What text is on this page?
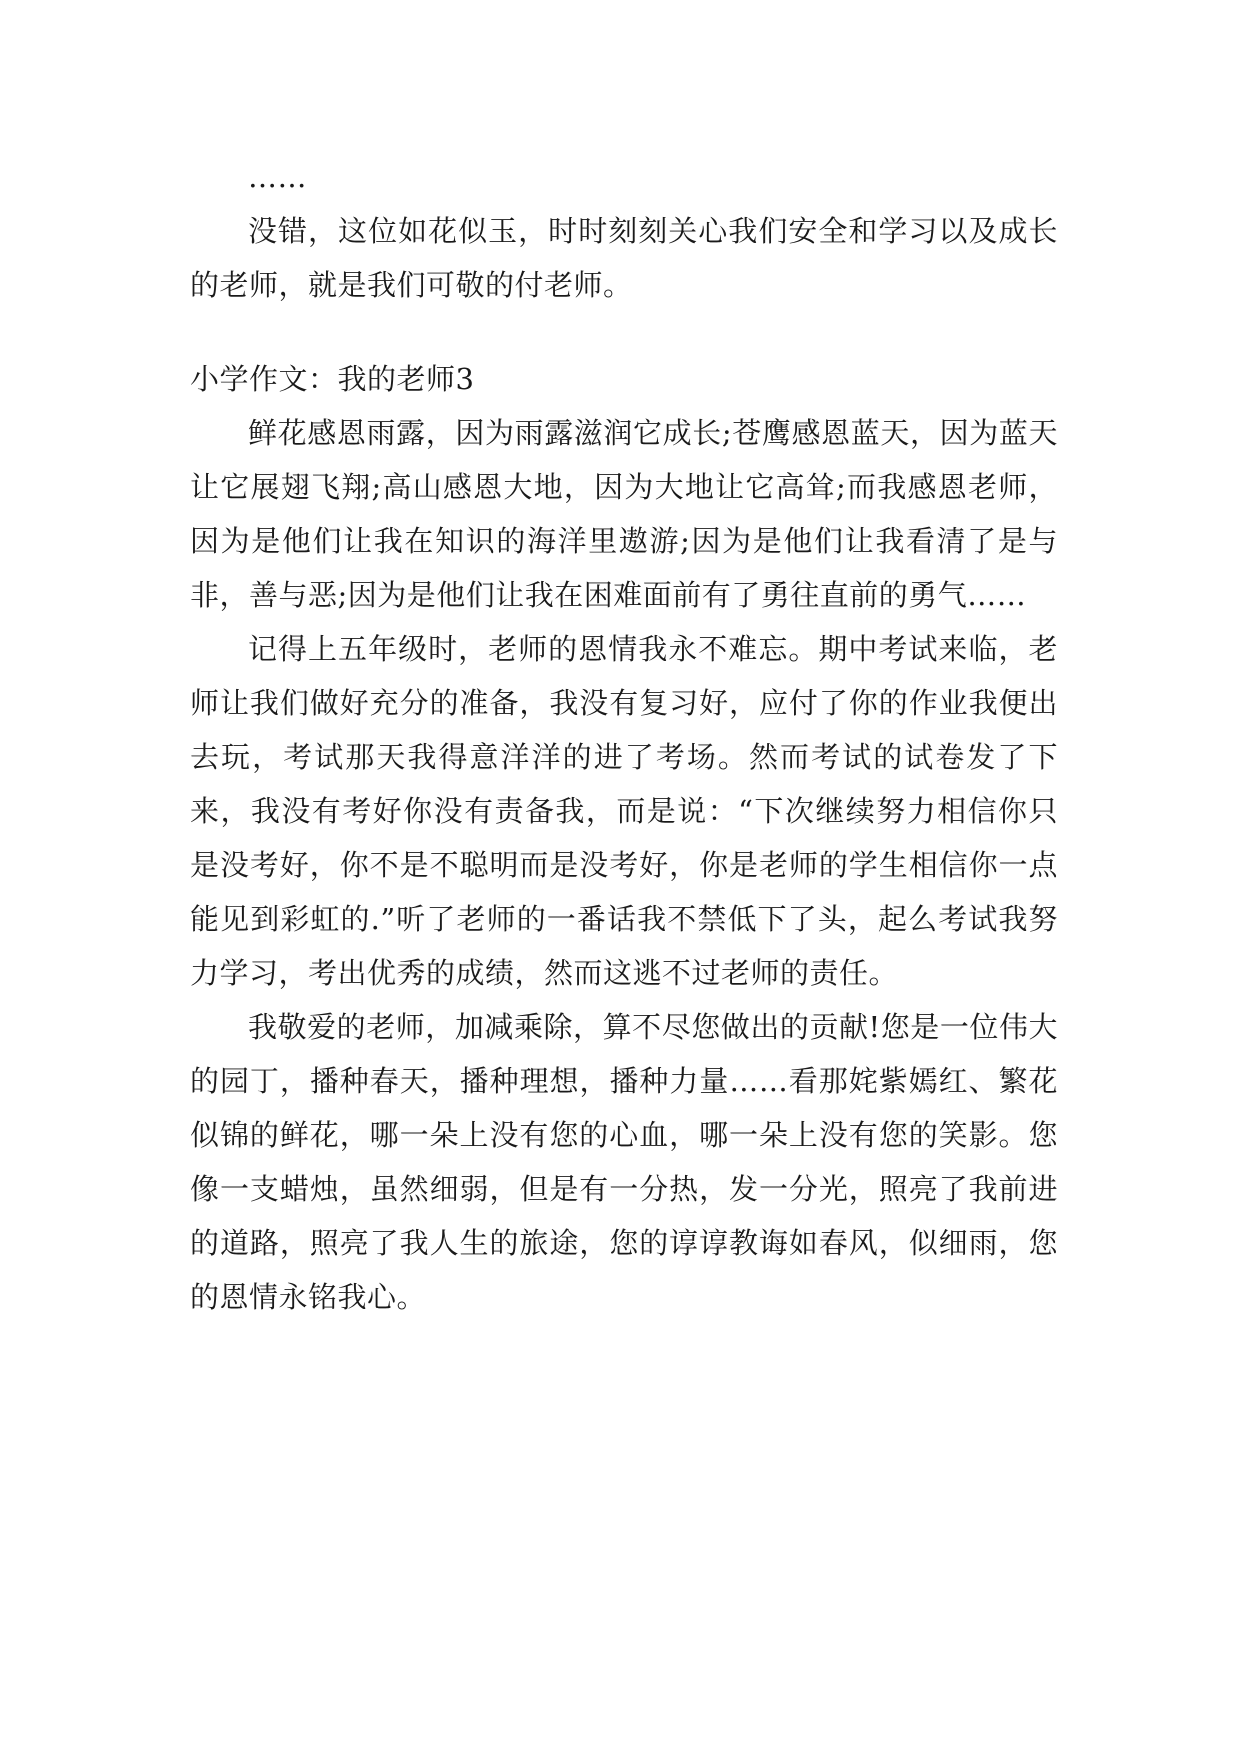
……

没错，这位如花似玉，时时刻刻关心我们安全和学习以及成长的老师，就是我们可敬的付老师。

小学作文：我的老师3

鲜花感恩雨露，因为雨露滋润它成长;苍鹰感恩蓝天，因为蓝天让它展翅飞翔;高山感恩大地，因为大地让它高耸;而我感恩老师，因为是他们让我在知识的海洋里遨游;因为是他们让我看清了是与非，善与恶;因为是他们让我在困难面前有了勇往直前的勇气……

记得上五年级时，老师的恩情我永不难忘。期中考试来临，老师让我们做好充分的准备，我没有复习好，应付了你的作业我便出去玩，考试那天我得意洋洋的进了考场。然而考试的试卷发了下来，我没有考好你没有责备我，而是说：“下次继续努力相信你只是没考好，你不是不聪明而是没考好，你是老师的学生相信你一点能见到彩虹的.”听了老师的一番话我不禁低下了头，起么考试我努力学习，考出优秀的成绩，然而这逃不过老师的责任。

我敬爱的老师，加减乘除，算不尽您做出的贡献!您是一位伟大的园丁，播种春天，播种理想，播种力量……看那姹紫嫣红、繁花似锦的鲜花，哪一朵上没有您的心血，哪一朵上没有您的笑影。您像一支蜡烛，虽然细弱，但是有一分热，发一分光，照亮了我前进的道路，照亮了我人生的旅途，您的谆谆教诲如春风，似细雨，您的恩情永铭我心。
